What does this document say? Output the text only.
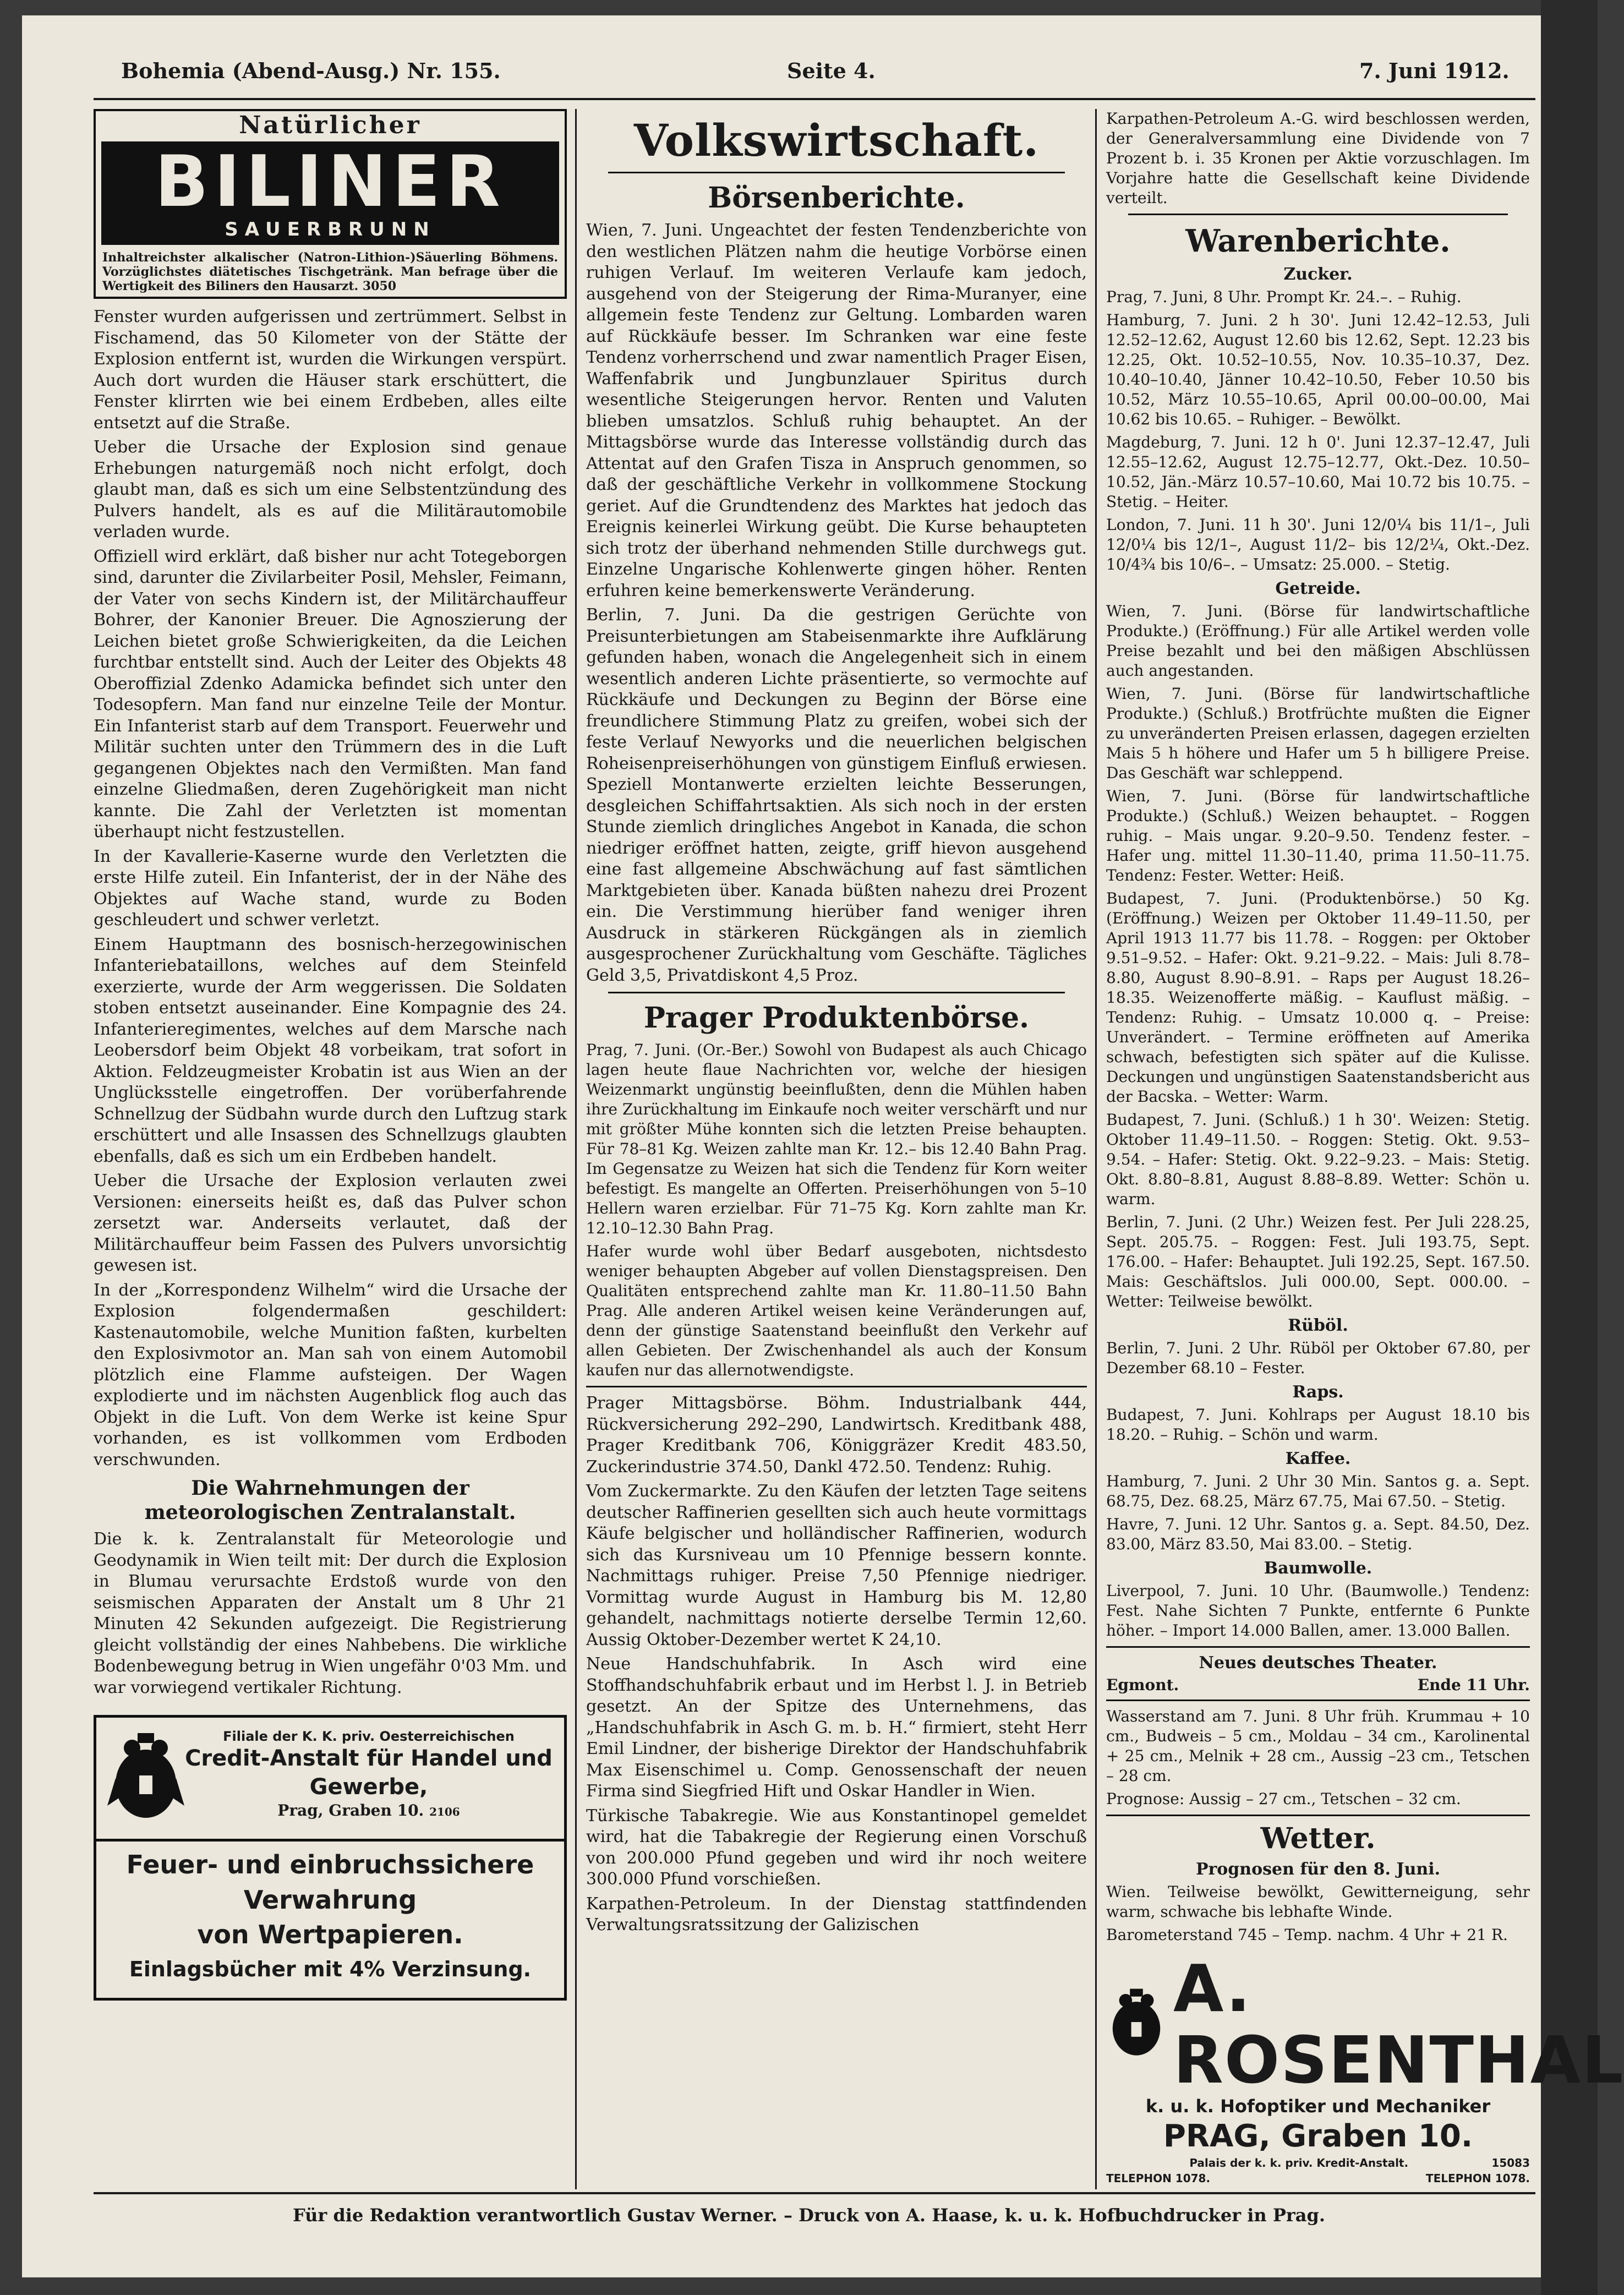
Bohemia (Abend-Ausg.) Nr. 155.	Seite 4.	7. Juni 1912.
Natürlicher
BILINER
SAUERBRUNN
Inhaltreichster alkalischer (Natron-Lithion-)Säuerling Böhmens. Vorzüglichstes diätetisches Tischgetränk. Man befrage über die Wertigkeit des Biliners den Hausarzt. 3050

Fenster wurden aufgerissen und zertrümmert. Selbst in Fischamend, das 50 Kilometer von der Stätte der Explosion entfernt ist, wurden die Wirkungen verspürt. Auch dort wurden die Häuser stark erschüttert, die Fenster klirrten wie bei einem Erdbeben, alles eilte entsetzt auf die Straße.

Ueber die Ursache der Explosion sind genaue Erhebungen naturgemäß noch nicht erfolgt, doch glaubt man, daß es sich um eine Selbstentzündung des Pulvers handelt, als es auf die Militärautomobile verladen wurde.

Offiziell wird erklärt, daß bisher nur acht Totegeborgen sind, darunter die Zivilarbeiter Posil, Mehsler, Feimann, der Vater von sechs Kindern ist, der Militärchauffeur Bohrer, der Kanonier Breuer. Die Agnoszierung der Leichen bietet große Schwierigkeiten, da die Leichen furchtbar entstellt sind. Auch der Leiter des Objekts 48 Oberoffizial Zdenko Adamicka befindet sich unter den Todesopfern. Man fand nur einzelne Teile der Montur. Ein Infanterist starb auf dem Transport. Feuerwehr und Militär suchten unter den Trümmern des in die Luft gegangenen Objektes nach den Vermißten. Man fand einzelne Gliedmaßen, deren Zugehörigkeit man nicht kannte. Die Zahl der Verletzten ist momentan überhaupt nicht festzustellen.

In der Kavallerie-Kaserne wurde den Verletzten die erste Hilfe zuteil. Ein Infanterist, der in der Nähe des Objektes auf Wache stand, wurde zu Boden geschleudert und schwer verletzt.

Einem Hauptmann des bosnisch-herzegowinischen Infanteriebataillons, welches auf dem Steinfeld exerzierte, wurde der Arm weggerissen. Die Soldaten stoben entsetzt auseinander. Eine Kompagnie des 24. Infanterieregimentes, welches auf dem Marsche nach Leobersdorf beim Objekt 48 vorbeikam, trat sofort in Aktion. Feldzeugmeister Krobatin ist aus Wien an der Unglücksstelle eingetroffen. Der vorüberfahrende Schnellzug der Südbahn wurde durch den Luftzug stark erschüttert und alle Insassen des Schnellzugs glaubten ebenfalls, daß es sich um ein Erdbeben handelt.

Ueber die Ursache der Explosion verlauten zwei Versionen: einerseits heißt es, daß das Pulver schon zersetzt war. Anderseits verlautet, daß der Militärchauffeur beim Fassen des Pulvers unvorsichtig gewesen ist.

In der „Korrespondenz Wilhelm“ wird die Ursache der Explosion folgendermaßen geschildert: Kastenautomobile, welche Munition faßten, kurbelten den Explosivmotor an. Man sah von einem Automobil plötzlich eine Flamme aufsteigen. Der Wagen explodierte und im nächsten Augenblick flog auch das Objekt in die Luft. Von dem Werke ist keine Spur vorhanden, es ist vollkommen vom Erdboden verschwunden.

Die Wahrnehmungen der meteorologischen Zentralanstalt.

Die k. k. Zentralanstalt für Meteorologie und Geodynamik in Wien teilt mit: Der durch die Explosion in Blumau verursachte Erdstoß wurde von den seismischen Apparaten der Anstalt um 8 Uhr 21 Minuten 42 Sekunden aufgezeigt. Die Registrierung gleicht vollständig der eines Nahbebens. Die wirkliche Bodenbewegung betrug in Wien ungefähr 0'03 Mm. und war vorwiegend vertikaler Richtung.

Filiale der K. K. priv. Oesterreichischen
Credit-Anstalt für Handel und Gewerbe,
Prag, Graben 10. 2106
Feuer- und einbruchssichere Verwahrung
von Wertpapieren.
Einlagsbücher mit 4% Verzinsung.
Volkswirtschaft.
Börsenberichte.

Wien, 7. Juni. Ungeachtet der festen Tendenzberichte von den westlichen Plätzen nahm die heutige Vorbörse einen ruhigen Verlauf. Im weiteren Verlaufe kam jedoch, ausgehend von der Steigerung der Rima-Muranyer, eine allgemein feste Tendenz zur Geltung. Lombarden waren auf Rückkäufe besser. Im Schranken war eine feste Tendenz vorherrschend und zwar namentlich Prager Eisen, Waffenfabrik und Jungbunzlauer Spiritus durch wesentliche Steigerungen hervor. Renten und Valuten blieben umsatzlos. Schluß ruhig behauptet. An der Mittagsbörse wurde das Interesse vollständig durch das Attentat auf den Grafen Tisza in Anspruch genommen, so daß der geschäftliche Verkehr in vollkommene Stockung geriet. Auf die Grundtendenz des Marktes hat jedoch das Ereignis keinerlei Wirkung geübt. Die Kurse behaupteten sich trotz der überhand nehmenden Stille durchwegs gut. Einzelne Ungarische Kohlenwerte gingen höher. Renten erfuhren keine bemerkenswerte Veränderung.

Berlin, 7. Juni. Da die gestrigen Gerüchte von Preisunterbietungen am Stabeisenmarkte ihre Aufklärung gefunden haben, wonach die Angelegenheit sich in einem wesentlich anderen Lichte präsentierte, so vermochte auf Rückkäufe und Deckungen zu Beginn der Börse eine freundlichere Stimmung Platz zu greifen, wobei sich der feste Verlauf Newyorks und die neuerlichen belgischen Roheisenpreiserhöhungen von günstigem Einfluß erwiesen. Speziell Montanwerte erzielten leichte Besserungen, desgleichen Schiffahrtsaktien. Als sich noch in der ersten Stunde ziemlich dringliches Angebot in Kanada, die schon niedriger eröffnet hatten, zeigte, griff hievon ausgehend eine fast allgemeine Abschwächung auf fast sämtlichen Marktgebieten über. Kanada büßten nahezu drei Prozent ein. Die Verstimmung hierüber fand weniger ihren Ausdruck in stärkeren Rückgängen als in ziemlich ausgesprochener Zurückhaltung vom Geschäfte. Tägliches Geld 3,5, Privatdiskont 4,5 Proz.

Prager Produktenbörse.

Prag, 7. Juni. (Or.-Ber.) Sowohl von Budapest als auch Chicago lagen heute flaue Nachrichten vor, welche der hiesigen Weizenmarkt ungünstig beeinflußten, denn die Mühlen haben ihre Zurückhaltung im Einkaufe noch weiter verschärft und nur mit größter Mühe konnten sich die letzten Preise behaupten. Für 78–81 Kg. Weizen zahlte man Kr. 12.– bis 12.40 Bahn Prag. Im Gegensatze zu Weizen hat sich die Tendenz für Korn weiter befestigt. Es mangelte an Offerten. Preiserhöhungen von 5–10 Hellern waren erzielbar. Für 71–75 Kg. Korn zahlte man Kr. 12.10–12.30 Bahn Prag.

Hafer wurde wohl über Bedarf ausgeboten, nichtsdesto weniger behaupten Abgeber auf vollen Dienstagspreisen. Den Qualitäten entsprechend zahlte man Kr. 11.80–11.50 Bahn Prag. Alle anderen Artikel weisen keine Veränderungen auf, denn der günstige Saatenstand beeinflußt den Verkehr auf allen Gebieten. Der Zwischenhandel als auch der Konsum kaufen nur das allernotwendigste.

Prager Mittagsbörse. Böhm. Industrialbank 444, Rückversicherung 292–290, Landwirtsch. Kreditbank 488, Prager Kreditbank 706, Königgräzer Kredit 483.50, Zuckerindustrie 374.50, Dankl 472.50. Tendenz: Ruhig.

Vom Zuckermarkte. Zu den Käufen der letzten Tage seitens deutscher Raffinerien gesellten sich auch heute vormittags Käufe belgischer und holländischer Raffinerien, wodurch sich das Kursniveau um 10 Pfennige bessern konnte. Nachmittags ruhiger. Preise 7,50 Pfennige niedriger. Vormittag wurde August in Hamburg bis M. 12,80 gehandelt, nachmittags notierte derselbe Termin 12,60. Aussig Oktober-Dezember wertet K 24,10.

Neue Handschuhfabrik. In Asch wird eine Stoffhandschuhfabrik erbaut und im Herbst l. J. in Betrieb gesetzt. An der Spitze des Unternehmens, das „Handschuhfabrik in Asch G. m. b. H.“ firmiert, steht Herr Emil Lindner, der bisherige Direktor der Handschuhfabrik Max Eisenschimel u. Comp. Genossenschaft der neuen Firma sind Siegfried Hift und Oskar Handler in Wien.

Türkische Tabakregie. Wie aus Konstantinopel gemeldet wird, hat die Tabakregie der Regierung einen Vorschuß von 200.000 Pfund gegeben und wird ihr noch weitere 300.000 Pfund vorschießen.

Karpathen-Petroleum. In der Dienstag stattfindenden Verwaltungsratssitzung der Galizischen

Karpathen-Petroleum A.-G. wird beschlossen werden, der Generalversammlung eine Dividende von 7 Prozent b. i. 35 Kronen per Aktie vorzuschlagen. Im Vorjahre hatte die Gesellschaft keine Dividende verteilt.

Warenberichte.
Zucker.

Prag, 7. Juni, 8 Uhr. Prompt Kr. 24.–. – Ruhig.

Hamburg, 7. Juni. 2 h 30'. Juni 12.42–12.53, Juli 12.52–12.62, August 12.60 bis 12.62, Sept. 12.23 bis 12.25, Okt. 10.52–10.55, Nov. 10.35–10.37, Dez. 10.40–10.40, Jänner 10.42–10.50, Feber 10.50 bis 10.52, März 10.55–10.65, April 00.00–00.00, Mai 10.62 bis 10.65. – Ruhiger. – Bewölkt.

Magdeburg, 7. Juni. 12 h 0'. Juni 12.37–12.47, Juli 12.55–12.62, August 12.75–12.77, Okt.-Dez. 10.50–10.52, Jän.-März 10.57–10.60, Mai 10.72 bis 10.75. – Stetig. – Heiter.

London, 7. Juni. 11 h 30'. Juni 12/0¼ bis 11/1–, Juli 12/0¼ bis 12/1–, August 11/2– bis 12/2¼, Okt.-Dez. 10/4¾ bis 10/6–. – Umsatz: 25.000. – Stetig.

Getreide.

Wien, 7. Juni. (Börse für landwirtschaftliche Produkte.) (Eröffnung.) Für alle Artikel werden volle Preise bezahlt und bei den mäßigen Abschlüssen auch angestanden.

Wien, 7. Juni. (Börse für landwirtschaftliche Produkte.) (Schluß.) Brotfrüchte mußten die Eigner zu unveränderten Preisen erlassen, dagegen erzielten Mais 5 h höhere und Hafer um 5 h billigere Preise. Das Geschäft war schleppend.

Wien, 7. Juni. (Börse für landwirtschaftliche Produkte.) (Schluß.) Weizen behauptet. – Roggen ruhig. – Mais ungar. 9.20–9.50. Tendenz fester. – Hafer ung. mittel 11.30–11.40, prima 11.50–11.75. Tendenz: Fester. Wetter: Heiß.

Budapest, 7. Juni. (Produktenbörse.) 50 Kg. (Eröffnung.) Weizen per Oktober 11.49–11.50, per April 1913 11.77 bis 11.78. – Roggen: per Oktober 9.51–9.52. – Hafer: Okt. 9.21–9.22. – Mais: Juli 8.78–8.80, August 8.90–8.91. – Raps per August 18.26–18.35. Weizenofferte mäßig. – Kauflust mäßig. – Tendenz: Ruhig. – Umsatz 10.000 q. – Preise: Unverändert. – Termine eröffneten auf Amerika schwach, befestigten sich später auf die Kulisse. Deckungen und ungünstigen Saatenstandsbericht aus der Bacska. – Wetter: Warm.

Budapest, 7. Juni. (Schluß.) 1 h 30'. Weizen: Stetig. Oktober 11.49–11.50. – Roggen: Stetig. Okt. 9.53–9.54. – Hafer: Stetig. Okt. 9.22–9.23. – Mais: Stetig. Okt. 8.80–8.81, August 8.88–8.89. Wetter: Schön u. warm.

Berlin, 7. Juni. (2 Uhr.) Weizen fest. Per Juli 228.25, Sept. 205.75. – Roggen: Fest. Juli 193.75, Sept. 176.00. – Hafer: Behauptet. Juli 192.25, Sept. 167.50. Mais: Geschäftslos. Juli 000.00, Sept. 000.00. – Wetter: Teilweise bewölkt.

Rüböl.

Berlin, 7. Juni. 2 Uhr. Rüböl per Oktober 67.80, per Dezember 68.10 – Fester.

Raps.

Budapest, 7. Juni. Kohlraps per August 18.10 bis 18.20. – Ruhig. – Schön und warm.

Kaffee.

Hamburg, 7. Juni. 2 Uhr 30 Min. Santos g. a. Sept. 68.75, Dez. 68.25, März 67.75, Mai 67.50. – Stetig.

Havre, 7. Juni. 12 Uhr. Santos g. a. Sept. 84.50, Dez. 83.00, März 83.50, Mai 83.00. – Stetig.

Baumwolle.

Liverpool, 7. Juni. 10 Uhr. (Baumwolle.) Tendenz: Fest. Nahe Sichten 7 Punkte, entfernte 6 Punkte höher. – Import 14.000 Ballen, amer. 13.000 Ballen.

Neues deutsches Theater.
Egmont.	Ende 11 Uhr.

Wasserstand am 7. Juni. 8 Uhr früh. Krummau + 10 cm., Budweis – 5 cm., Moldau – 34 cm., Karolinental + 25 cm., Melnik + 28 cm., Aussig –23 cm., Tetschen – 28 cm.

Prognose: Aussig – 27 cm., Tetschen – 32 cm.

Wetter.
Prognosen für den 8. Juni.

Wien. Teilweise bewölkt, Gewitterneigung, sehr warm, schwache bis lebhafte Winde.

Barometerstand 745 – Temp. nachm. 4 Uhr + 21 R.

A. ROSENTHAL
k. u. k. Hofoptiker und Mechaniker
PRAG, Graben 10.
Palais der k. k. priv. Kredit-Anstalt.	15083
TELEPHON 1078.	TELEPHON 1078.
Für die Redaktion verantwortlich Gustav Werner. – Druck von A. Haase, k. u. k. Hofbuchdrucker in Prag.
